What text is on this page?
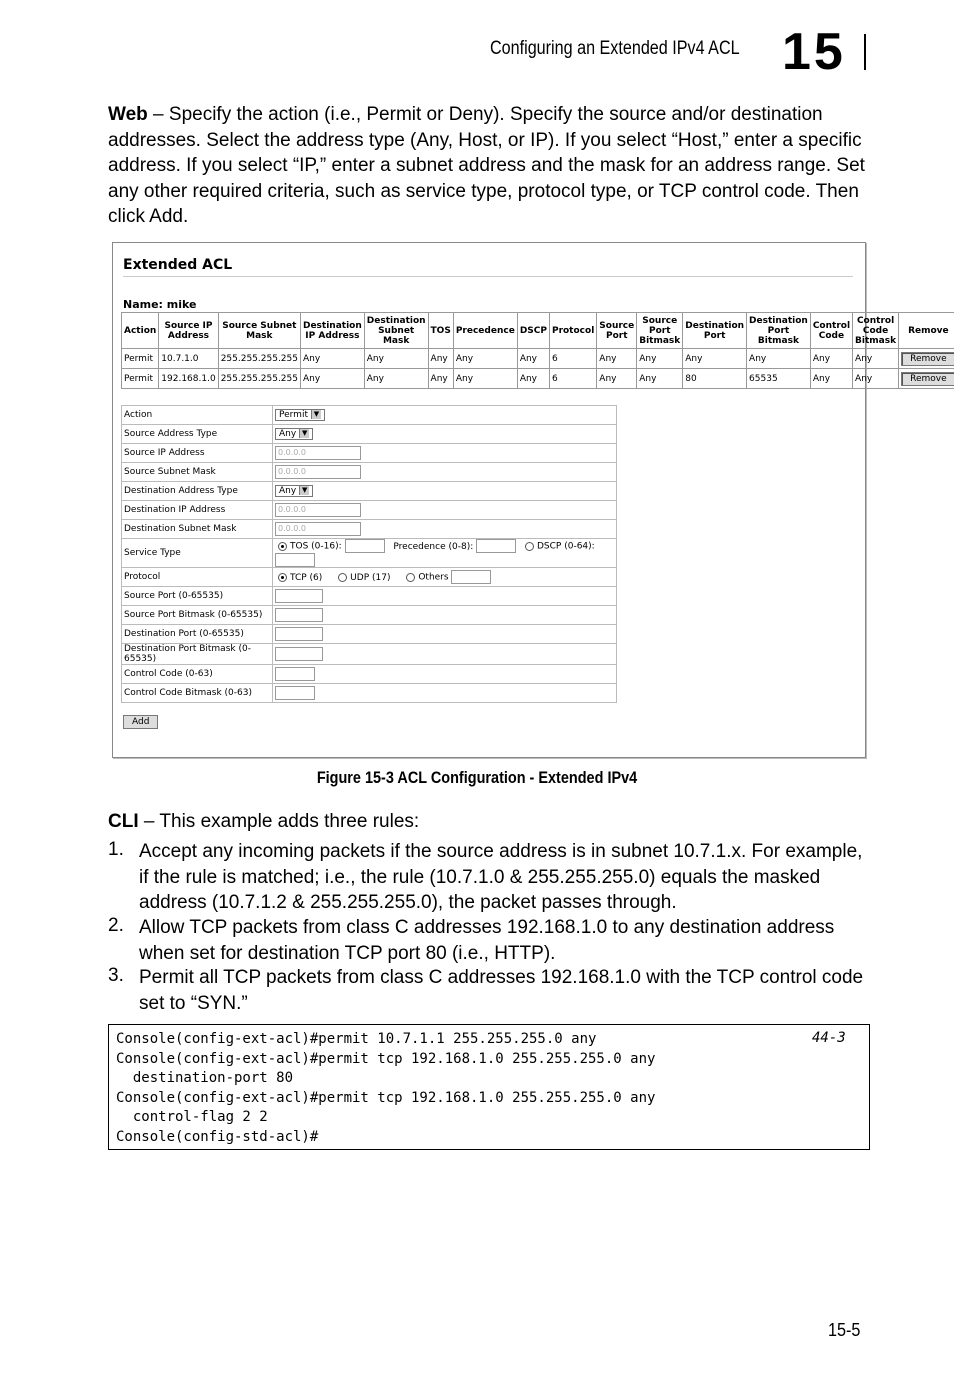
Configuring an Extended IPv4 ACL 15
Web – Specify the action (i.e., Permit or Deny). Specify the source and/or destination addresses. Select the address type (Any, Host, or IP). If you select “Host,” enter a specific address. If you select “IP,” enter a subnet address and the mask for an address range. Set any other required criteria, such as service type, protocol type, or TCP control code. Then click Add.
Extended ACL
Name: mike
Action	Source IP Address	Source Subnet Mask	Destination IP Address	Destination Subnet Mask	TOS	Precedence	DSCP	Protocol	Source Port	Source Port Bitmask	Destination Port	Destination Port Bitmask	Control Code	Control Code Bitmask	Remove
Permit	10.7.1.0	255.255.255.255	Any	Any	Any	Any	Any	6	Any	Any	Any	Any	Any	Any	Remove
Permit	192.168.1.0	255.255.255.255	Any	Any	Any	Any	Any	6	Any	Any	80	65535	Any	Any	Remove
Action	Permit ▼
Source Address Type	Any ▼
Source IP Address	0.0.0.0
Source Subnet Mask	0.0.0.0
Destination Address Type	Any ▼
Destination IP Address	0.0.0.0
Destination Subnet Mask	0.0.0.0
Service Type	TOS (0-16): Precedence (0-8): DSCP (0-64):
Protocol	TCP (6) UDP (17) Others
Source Port (0-65535)	
Source Port Bitmask (0-65535)	
Destination Port (0-65535)	
Destination Port Bitmask (0-65535)	
Control Code (0-63)	
Control Code Bitmask (0-63)	
Add
Figure 15-3 ACL Configuration - Extended IPv4
CLI – This example adds three rules:
1. Accept any incoming packets if the source address is in subnet 10.7.1.x. For example, if the rule is matched; i.e., the rule (10.7.1.0 & 255.255.255.0) equals the masked address (10.7.1.2 & 255.255.255.0), the packet passes through.
2. Allow TCP packets from class C addresses 192.168.1.0 to any destination address when set for destination TCP port 80 (i.e., HTTP).
3. Permit all TCP packets from class C addresses 192.168.1.0 with the TCP control code set to “SYN.”
Console(config-ext-acl)#permit 10.7.1.1 255.255.255.0 any
Console(config-ext-acl)#permit tcp 192.168.1.0 255.255.255.0 any
destination-port 80
Console(config-ext-acl)#permit tcp 192.168.1.0 255.255.255.0 any
control-flag 2 2
Console(config-std-acl)#
44-3
15-5
